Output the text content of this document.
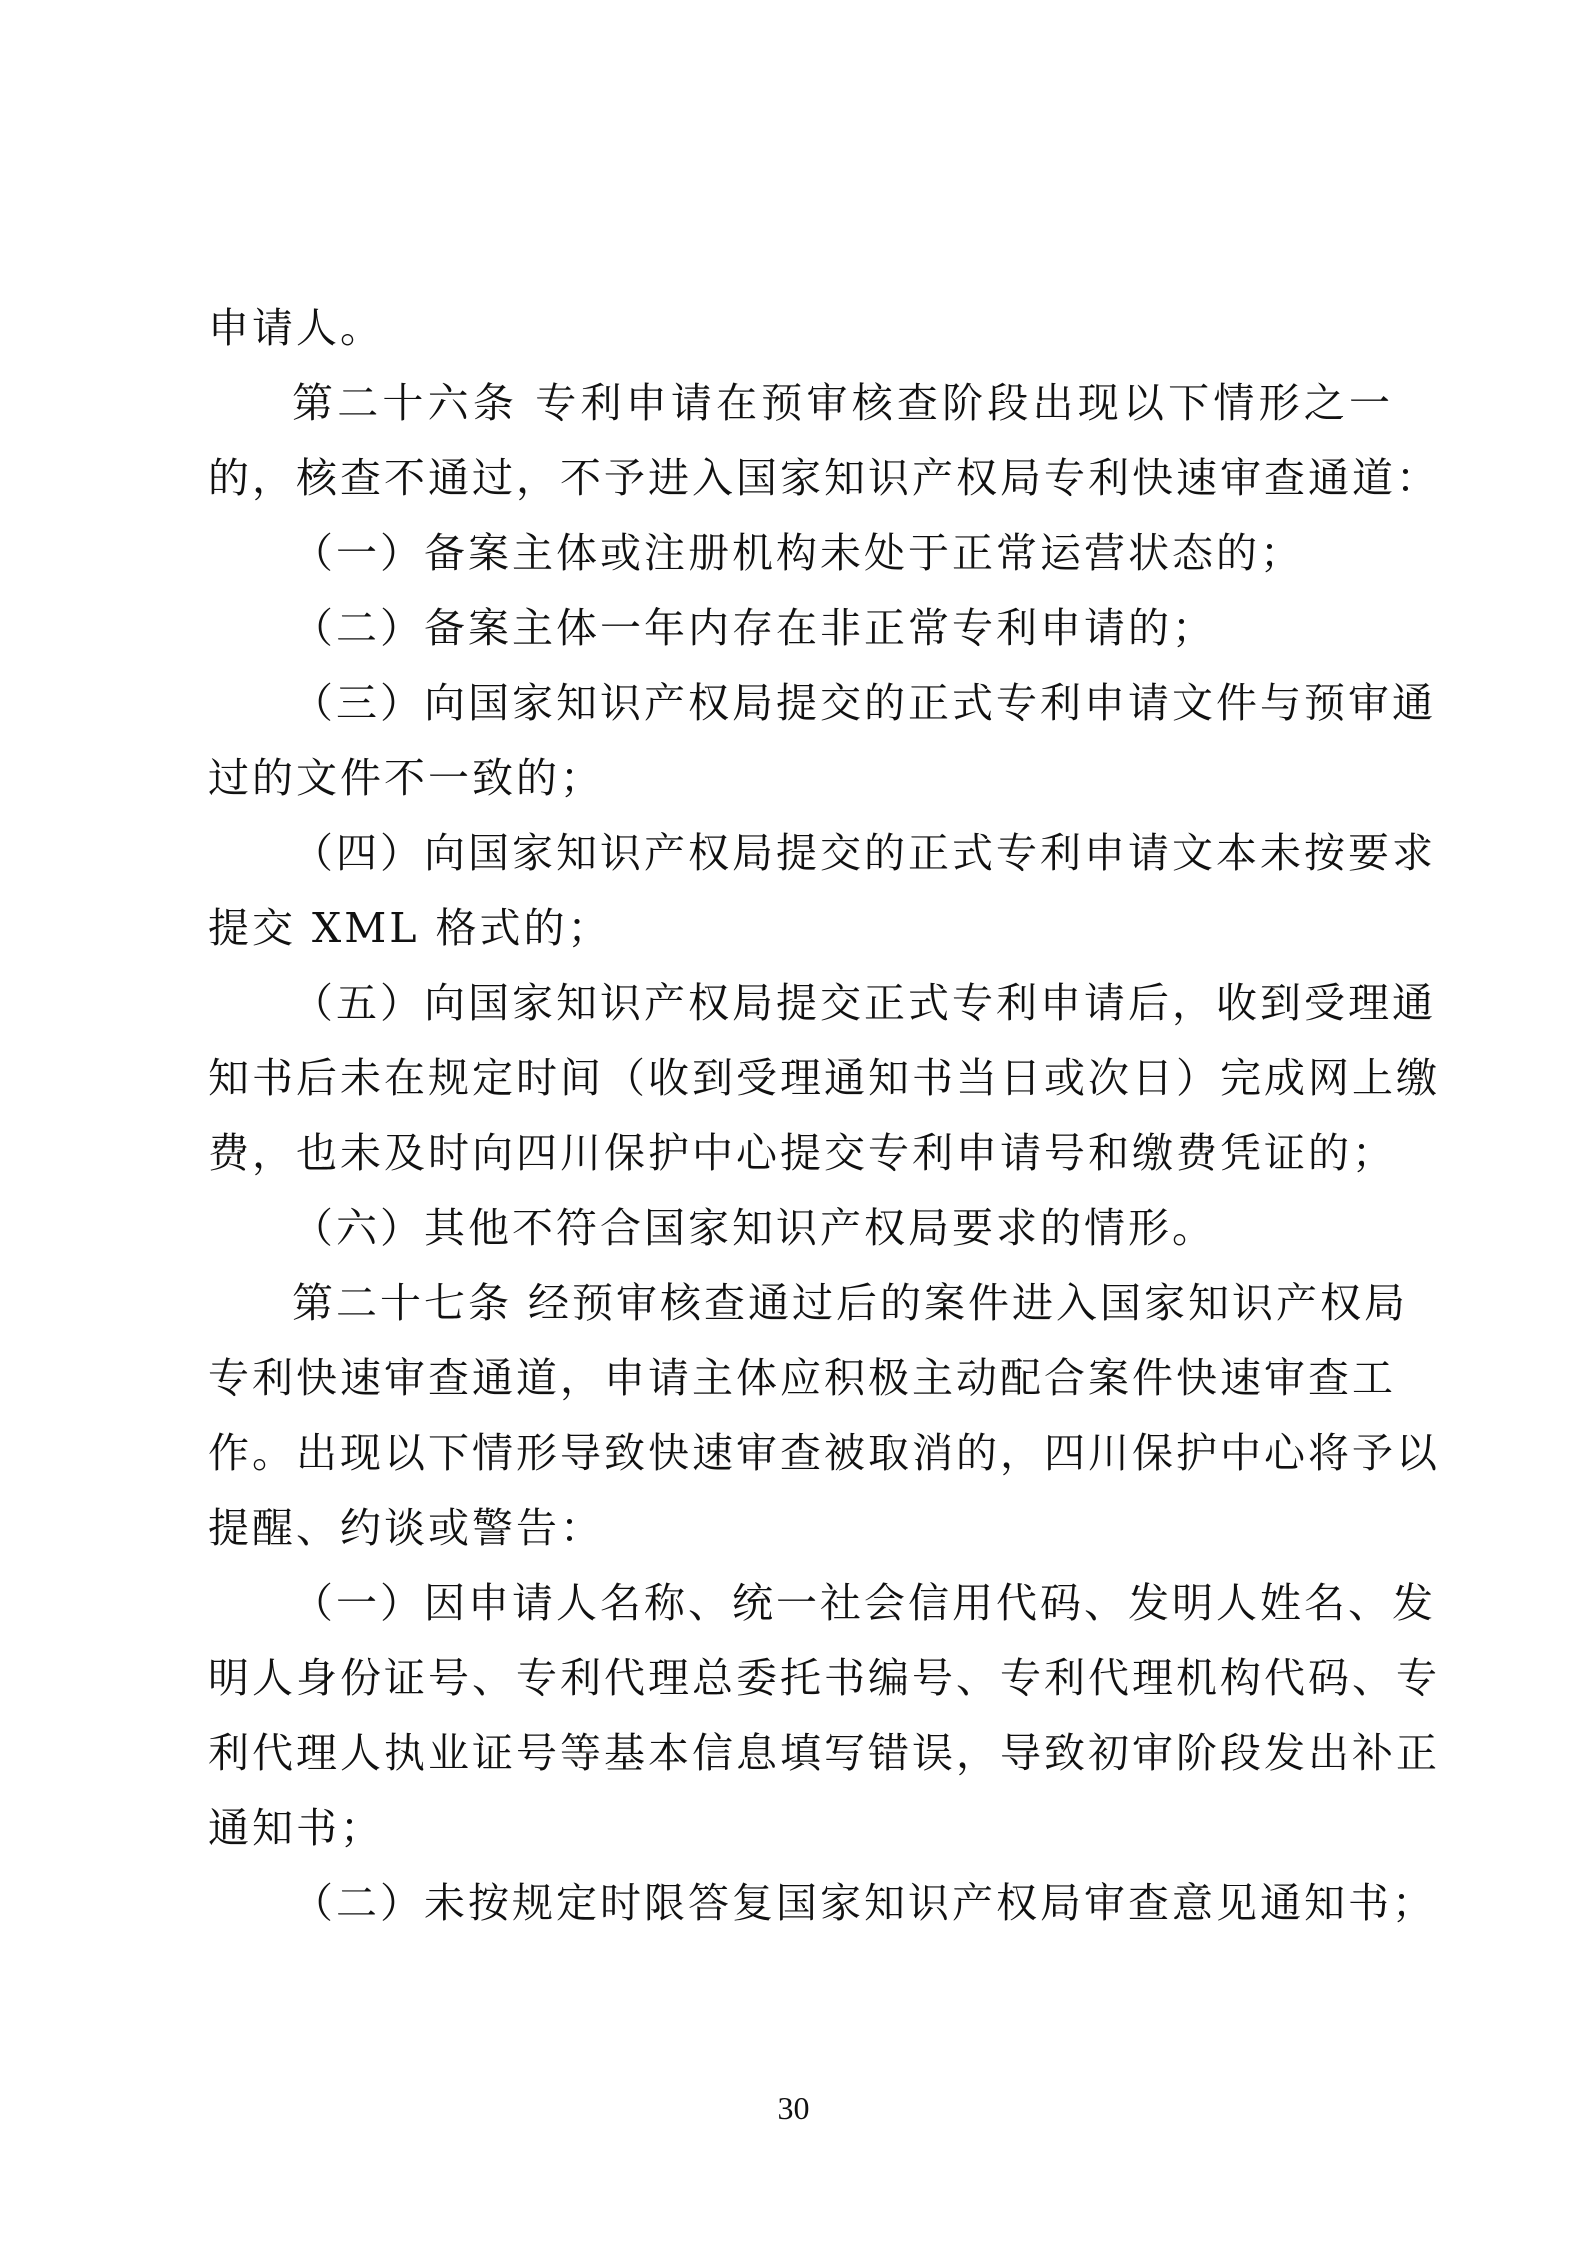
申请人。
第二十六条 专利申请在预审核查阶段出现以下情形之一
的，核查不通过，不予进入国家知识产权局专利快速审查通道：
（一）备案主体或注册机构未处于正常运营状态的；
（二）备案主体一年内存在非正常专利申请的；
（三）向国家知识产权局提交的正式专利申请文件与预审通
过的文件不一致的；
（四）向国家知识产权局提交的正式专利申请文本未按要求
提交 XML 格式的；
（五）向国家知识产权局提交正式专利申请后，收到受理通
知书后未在规定时间（收到受理通知书当日或次日）完成网上缴
费，也未及时向四川保护中心提交专利申请号和缴费凭证的；
（六）其他不符合国家知识产权局要求的情形。
第二十七条 经预审核查通过后的案件进入国家知识产权局
专利快速审查通道，申请主体应积极主动配合案件快速审查工
作。出现以下情形导致快速审查被取消的，四川保护中心将予以
提醒、约谈或警告：
（一）因申请人名称、统一社会信用代码、发明人姓名、发
明人身份证号、专利代理总委托书编号、专利代理机构代码、专
利代理人执业证号等基本信息填写错误，导致初审阶段发出补正
通知书；
（二）未按规定时限答复国家知识产权局审查意见通知书；
30
